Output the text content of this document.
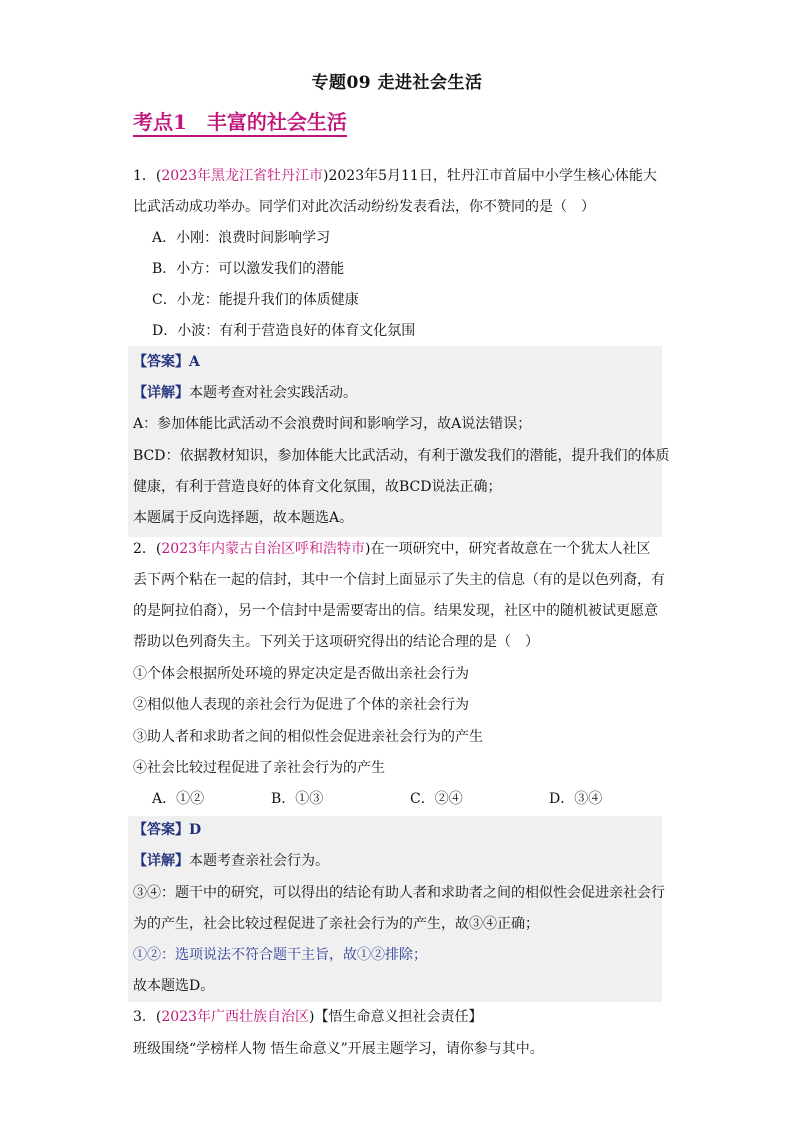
专题09 走进社会生活
考点1　丰富的社会生活
1．(2023年黑龙江省牡丹江市)2023年5月11日，牡丹江市首届中小学生核心体能大
比武活动成功举办。同学们对此次活动纷纷发表看法，你不赞同的是（　）
A．小刚：浪费时间影响学习
B．小方：可以激发我们的潜能
C．小龙：能提升我们的体质健康
D．小波：有利于营造良好的体育文化氛围
【答案】A
【详解】本题考查对社会实践活动。
A：参加体能比武活动不会浪费时间和影响学习，故A说法错误；
BCD：依据教材知识，参加体能大比武活动，有利于激发我们的潜能，提升我们的体质
健康，有利于营造良好的体育文化氛围，故BCD说法正确；
本题属于反向选择题，故本题选A。
2．(2023年内蒙古自治区呼和浩特市)在一项研究中，研究者故意在一个犹太人社区
丢下两个粘在一起的信封，其中一个信封上面显示了失主的信息（有的是以色列裔，有
的是阿拉伯裔），另一个信封中是需要寄出的信。结果发现，社区中的随机被试更愿意
帮助以色列裔失主。下列关于这项研究得出的结论合理的是（　）
①个体会根据所处环境的界定决定是否做出亲社会行为
②相似他人表现的亲社会行为促进了个体的亲社会行为
③助人者和求助者之间的相似性会促进亲社会行为的产生
④社会比较过程促进了亲社会行为的产生
A．①②	B．①③	C．②④	D．③④
【答案】D
【详解】本题考查亲社会行为。
③④：题干中的研究，可以得出的结论有助人者和求助者之间的相似性会促进亲社会行
为的产生，社会比较过程促进了亲社会行为的产生，故③④正确；
①②：选项说法不符合题干主旨，故①②排除；
故本题选D。
3．(2023年广西壮族自治区)【悟生命意义担社会责任】
班级围绕“学榜样人物 悟生命意义”开展主题学习，请你参与其中。
